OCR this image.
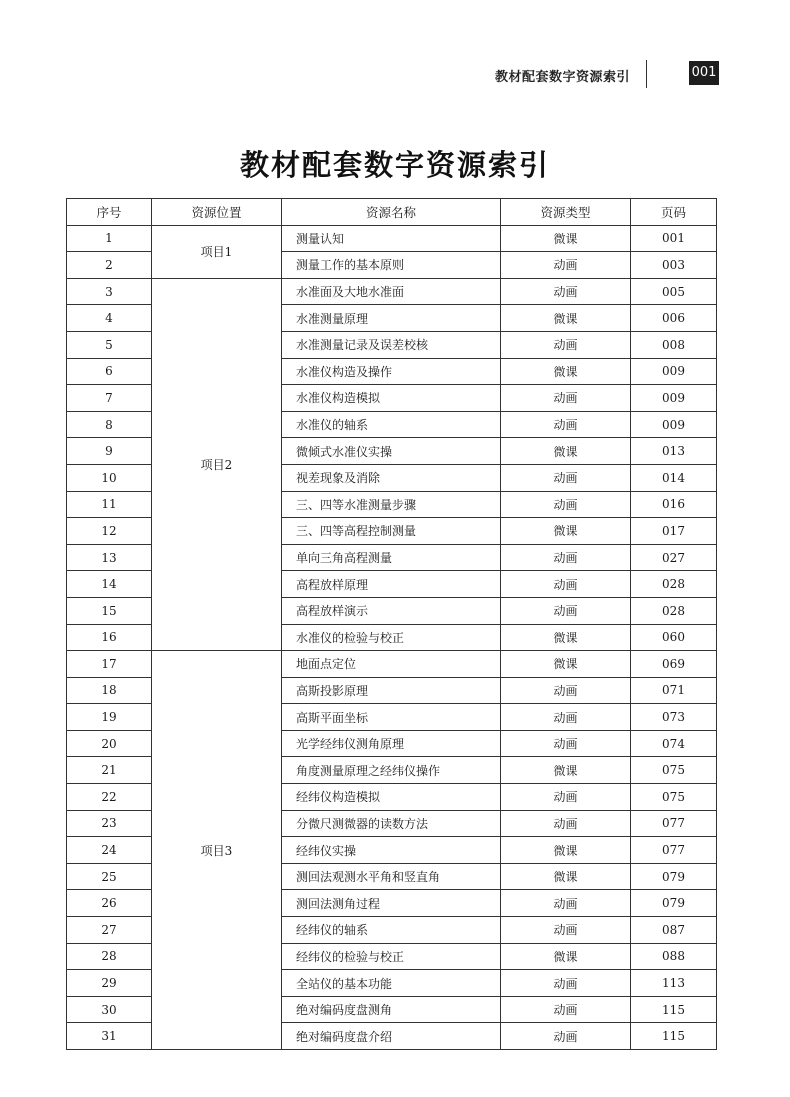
教材配套数字资源索引	001
教材配套数字资源索引
序号	资源位置	资源名称	资源类型	页码
1	项目1	测量认知	微课	001
2		测量工作的基本原则	动画	003
3	项目2	水准面及大地水准面	动画	005
4		水准测量原理	微课	006
5		水准测量记录及误差校核	动画	008
6		水准仪构造及操作	微课	009
7		水准仪构造模拟	动画	009
8		水准仪的轴系	动画	009
9		微倾式水准仪实操	微课	013
10		视差现象及消除	动画	014
11		三、四等水准测量步骤	动画	016
12		三、四等高程控制测量	微课	017
13		单向三角高程测量	动画	027
14		高程放样原理	动画	028
15		高程放样演示	动画	028
16		水准仪的检验与校正	微课	060
17	项目3	地面点定位	微课	069
18		高斯投影原理	动画	071
19		高斯平面坐标	动画	073
20		光学经纬仪测角原理	动画	074
21		角度测量原理之经纬仪操作	微课	075
22		经纬仪构造模拟	动画	075
23		分微尺测微器的读数方法	动画	077
24		经纬仪实操	微课	077
25		测回法观测水平角和竖直角	微课	079
26		测回法测角过程	动画	079
27		经纬仪的轴系	动画	087
28		经纬仪的检验与校正	微课	088
29		全站仪的基本功能	动画	113
30		绝对编码度盘测角	动画	115
31		绝对编码度盘介绍	动画	115
